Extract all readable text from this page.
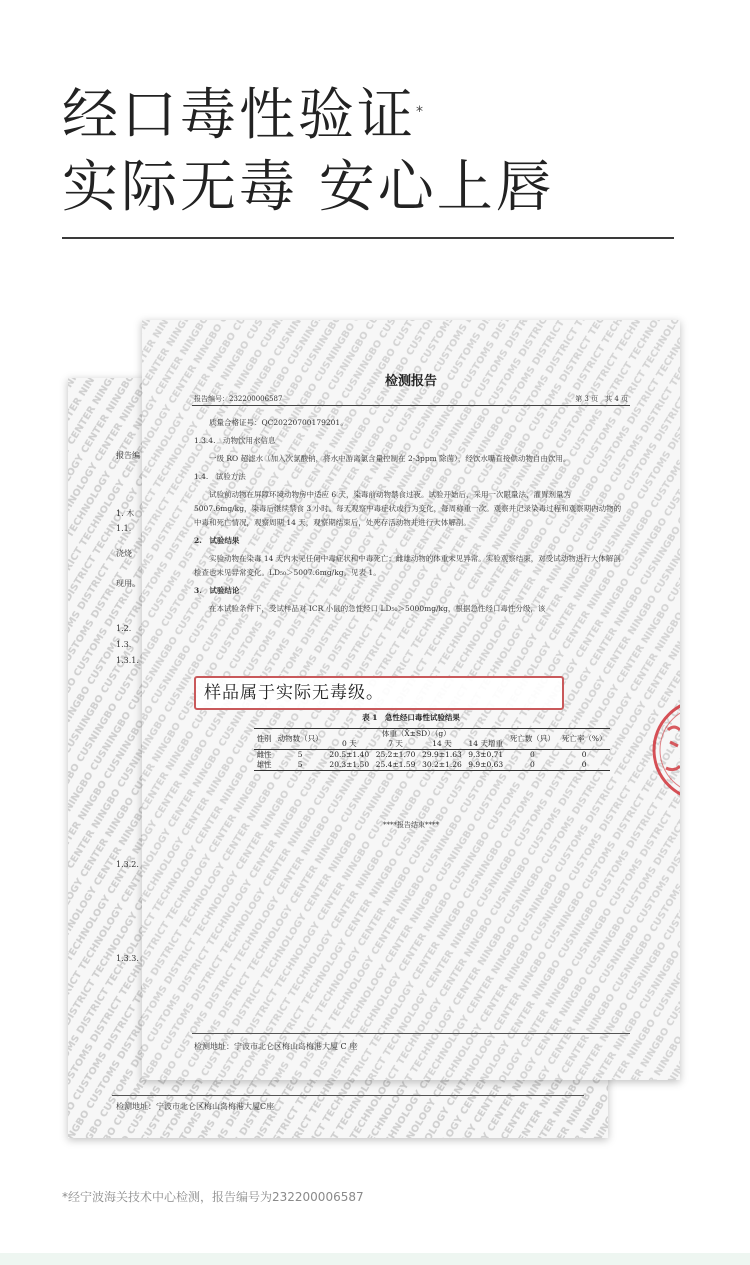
经口毒性验证*
实际无毒 安心上唇
报告编
1. 木
1.1.
浇烧
现用。
1.2.
1.3.
1.3.1.
1.3.2.
1.3.3.
检测地址：宁波市北仑区梅山岛梅港大厦C座
检测报告
报告编号：232200006587	第 3 页　共 4 页

质量合格证号：QC20220700179201。

1.3.4.　动物饮用水信息

一级 RO 超滤水（加入次氯酸钠，将水中游离氯含量控制在 2-3ppm 除菌），经饮水嘴直接供动物自由饮用。

1.4.　试验方法

试验前动物在屏障环境动物房中适应 6 天，染毒前动物禁食过夜。试验开始后，采用一次限量法，灌胃剂量为 5007.6mg/kg，染毒后继续禁食 3 小时。每天观察中毒症状或行为变化，每周称重一次。观察并记录染毒过程和观察期内动物的中毒和死亡情况，观察周期 14 天，观察期结束后，处死存活动物并进行大体解剖。

2.　试验结果

实验动物在染毒 14 天内未见任何中毒症状和中毒死亡；雌雄动物的体重未见异常。实验观察结束，对受试动物进行大体解剖检查也未见异常变化。LD₅₀＞5007.6mg/kg。见表 1。

3.　试验结论

在本试验条件下，受试样品对 ICR 小鼠的急性经口 LD₅₀＞5000mg/kg，根据急性经口毒性分级，该

样品属于实际无毒级。
表 1　急性经口毒性试验结果
性别	动物数（只）	体重（X̄±SD）（g）				死亡数（只）	死亡率（%）
		0 天	7 天	14 天	14 天增重		
雌性	5	20.5±1.40	25.2±1.70	29.9±1.63	9.3±0.71	0	0
雄性	5	20.3±1.50	25.4±1.59	30.2±1.26	9.9±0.63	0	0
****报告结束****
检测地址：宁波市北仑区梅山岛梅港大厦 C 座
*经宁波海关技术中心检测，报告编号为232200006587
